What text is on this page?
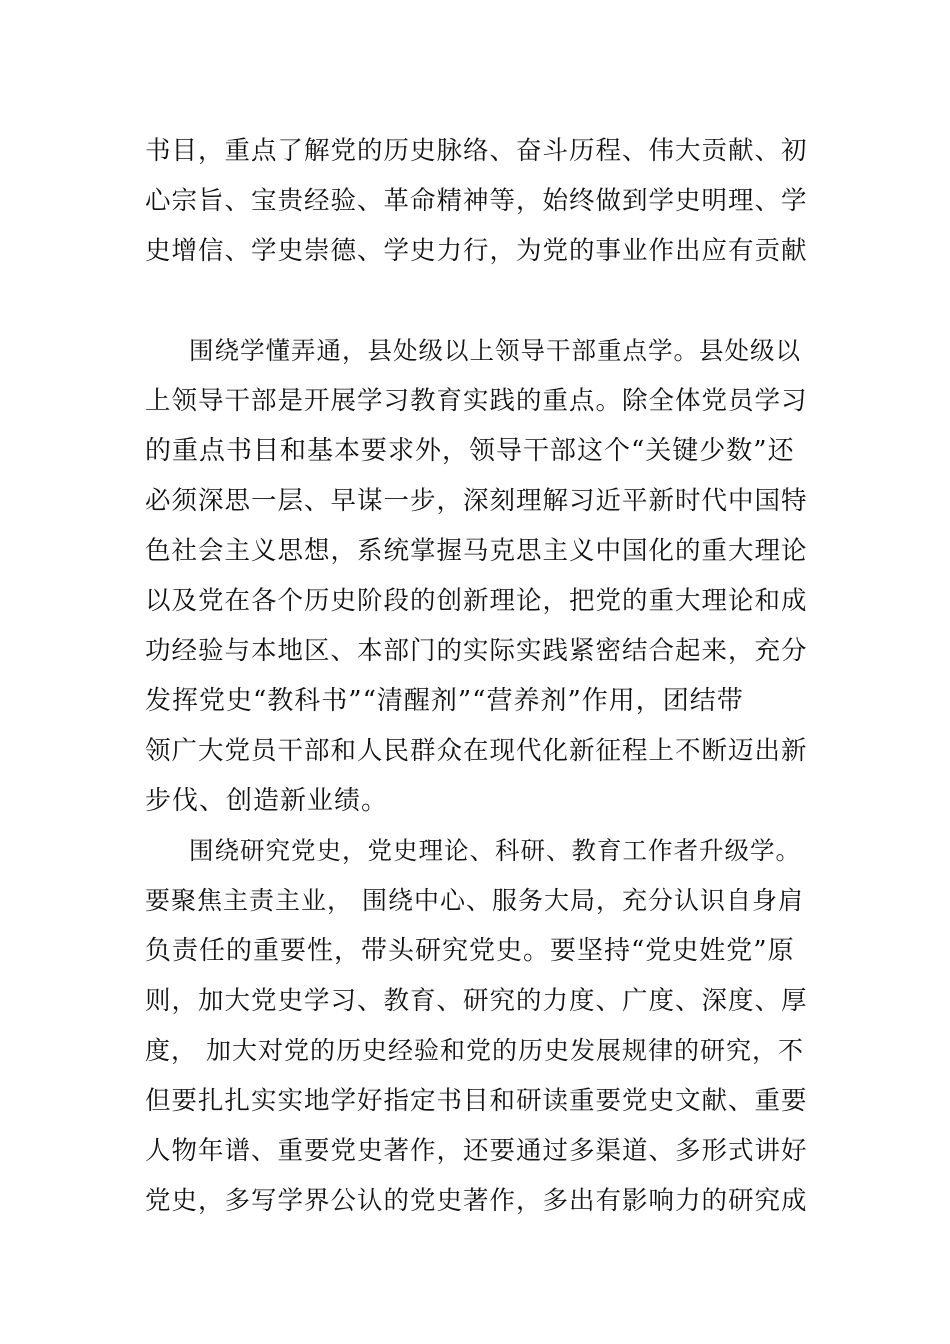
书目，重点了解党的历史脉络、奋斗历程、伟大贡献、初
心宗旨、宝贵经验、革命精神等，始终做到学史明理、学
史增信、学史崇德、学史力行，为党的事业作出应有贡献
围绕学懂弄通，县处级以上领导干部重点学。县处级以
上领导干部是开展学习教育实践的重点。除全体党员学习
的重点书目和基本要求外，领导干部这个“关键少数”还
必须深思一层、早谋一步，深刻理解习近平新时代中国特
色社会主义思想，系统掌握马克思主义中国化的重大理论
以及党在各个历史阶段的创新理论，把党的重大理论和成
功经验与本地区、本部门的实际实践紧密结合起来，充分
发挥党史“教科书”“清醒剂”“营养剂”作用，团结带
领广大党员干部和人民群众在现代化新征程上不断迈出新
步伐、创造新业绩。
围绕研究党史，党史理论、科研、教育工作者升级学。
要聚焦主责主业， 围绕中心、服务大局，充分认识自身肩
负责任的重要性，带头研究党史。要坚持“党史姓党”原
则，加大党史学习、教育、研究的力度、广度、深度、厚
度， 加大对党的历史经验和党的历史发展规律的研究，不
但要扎扎实实地学好指定书目和研读重要党史文献、重要
人物年谱、重要党史著作，还要通过多渠道、多形式讲好
党史，多写学界公认的党史著作，多出有影响力的研究成
